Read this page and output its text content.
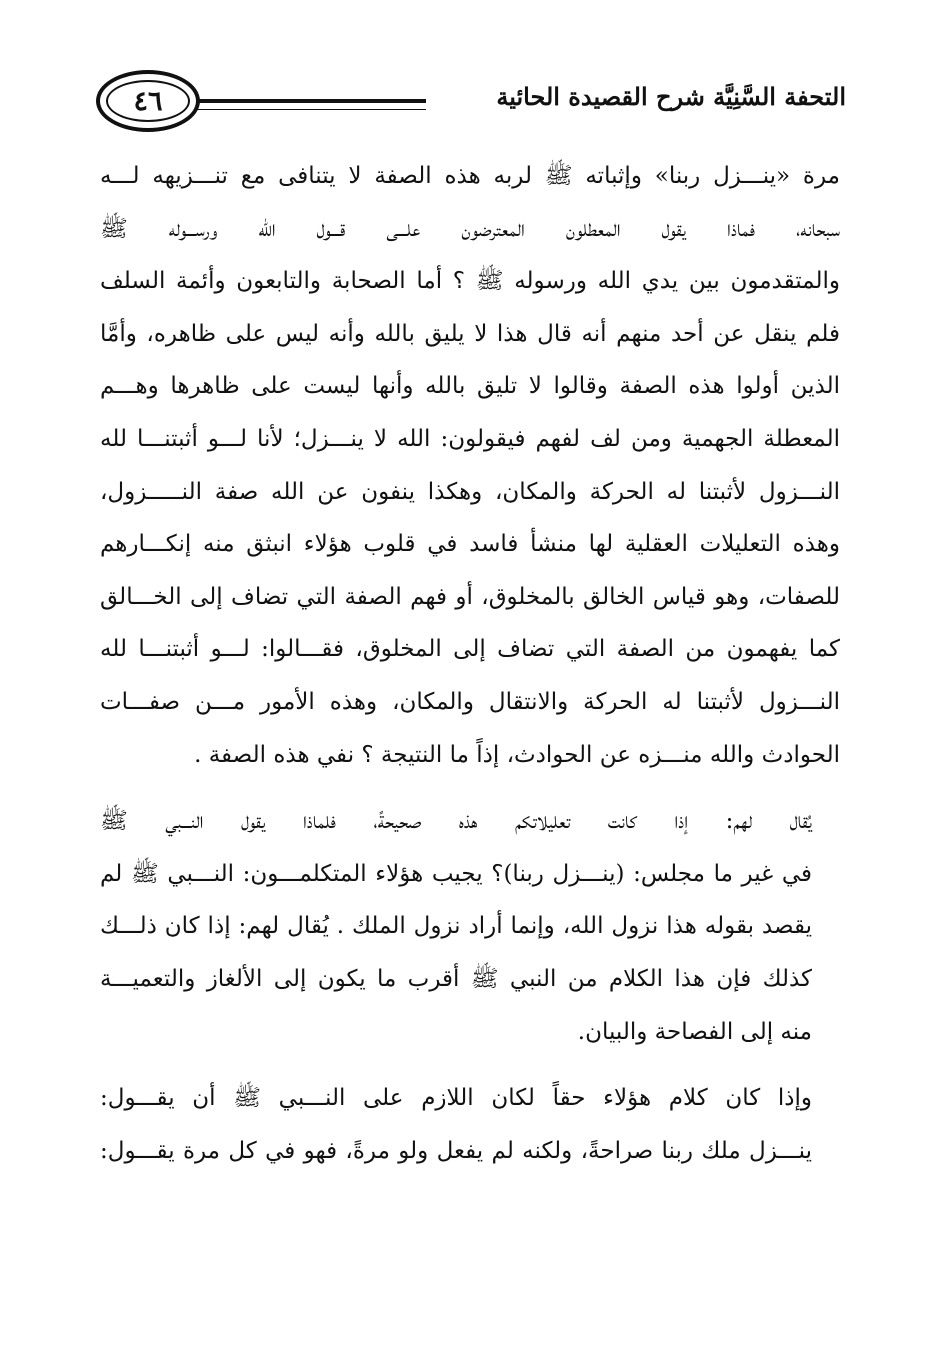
٤٦	التحفة السَّنِيَّة شرح القصيدة الحائية

مرة «ينـــزل ربنا» وإثباته ﷺ لربه هذه الصفة لا يتنافى مع تنـــزيهه لـــه
سبحانه، فماذا يقول المعطلون المعترضون علـــى قـــول الله ورســـوله ﷺ
والمتقدمون بين يدي الله ورسوله ﷺ ؟ أما الصحابة والتابعون وأئمة السلف
فلم ينقل عن أحد منهم أنه قال هذا لا يليق بالله وأنه ليس على ظاهره، وأمَّا
الذين أولوا هذه الصفة وقالوا لا تليق بالله وأنها ليست على ظاهرها وهـــم
المعطلة الجهمية ومن لف لفهم فيقولون: الله لا ينـــزل؛ لأنا لـــو أثبتنـــا لله
النـــزول لأثبتنا له الحركة والمكان، وهكذا ينفون عن الله صفة النـــــزول،
وهذه التعليلات العقلية لها منشأ فاسد في قلوب هؤلاء انبثق منه إنكـــارهم
للصفات، وهو قياس الخالق بالمخلوق، أو فهم الصفة التي تضاف إلى الخـــالق
كما يفهمون من الصفة التي تضاف إلى المخلوق، فقـــالوا: لـــو أثبتنـــا لله
النـــزول لأثبتنا له الحركة والانتقال والمكان، وهذه الأمور مـــن صفـــات
الحوادث والله منـــزه عن الحوادث، إذاً ما النتيجة ؟ نفي هذه الصفة .

يُقال لهم: إذا كانت تعليلاتكم هذه صحيحةً، فلماذا يقول النـــبي ﷺ
في غير ما مجلس: (ينـــزل ربنا)؟ يجيب هؤلاء المتكلمـــون: النـــبي ﷺ لم
يقصد بقوله هذا نزول الله، وإنما أراد نزول الملك . يُقال لهم: إذا كان ذلـــك
كذلك فإن هذا الكلام من النبي ﷺ أقرب ما يكون إلى الألغاز والتعميـــة
منه إلى الفصاحة والبيان.

وإذا كان كلام هؤلاء حقاً لكان اللازم على النـــبي ﷺ أن يقـــول:
ينـــزل ملك ربنا صراحةً، ولكنه لم يفعل ولو مرةً، فهو في كل مرة يقـــول:
